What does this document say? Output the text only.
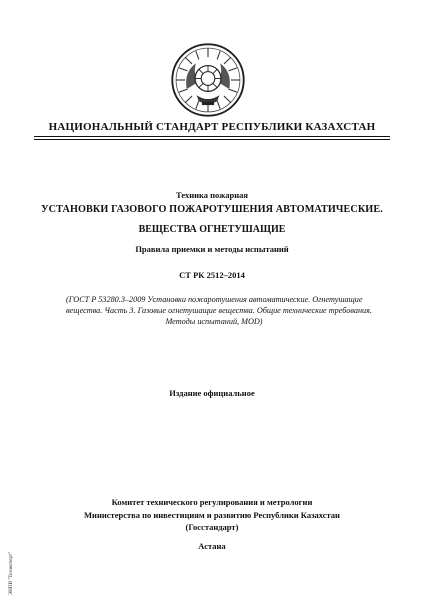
НАЦИОНАЛЬНЫЙ СТАНДАРТ РЕСПУБЛИКИ КАЗАХСТАН
Техника пожарная
УСТАНОВКИ ГАЗОВОГО ПОЖАРОТУШЕНИЯ АВТОМАТИЧЕСКИЕ.
ВЕЩЕСТВА ОГНЕТУШАЩИЕ
Правила приемки и методы испытаний
СТ РК 2512–2014
(ГОСТ Р 53280.3–2009 Установки пожаротушения автоматические. Огнетушащие
вещества. Часть 3. Газовые огнетушащие вещества. Общие технические требования.
Методы испытаний, MOD)
Издание официальное
Комитет технического регулирования и метрологии
Министерства по инвестициям и развитию Республики Казахстан
(Госстандарт)
Астана
ЭНПИ "Техэксперт"
